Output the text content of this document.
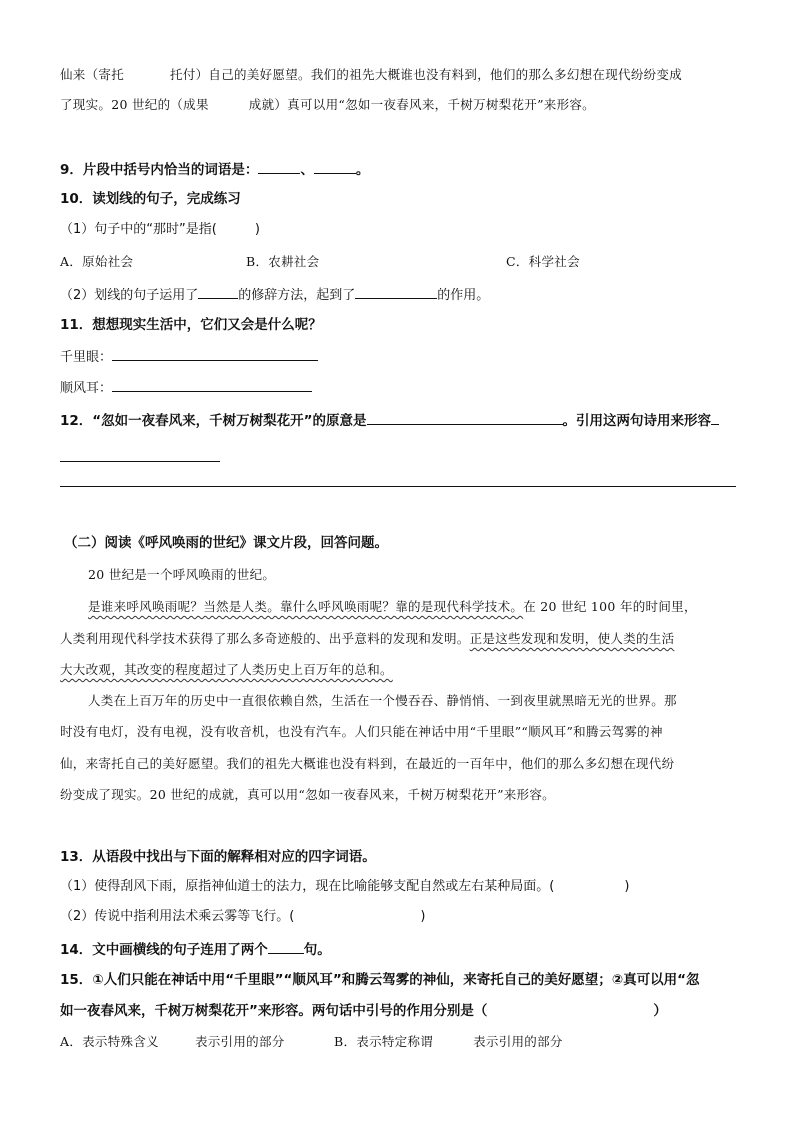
仙来（寄托	托付）自己的美好愿望。我们的祖先大概谁也没有料到，他们的那么多幻想在现代纷纷变成
了现实。20 世纪的（成果	成就）真可以用“忽如一夜春风来，千树万树梨花开”来形容。
9．片段中括号内恰当的词语是：	、	。
10．读划线的句子，完成练习
（1）句子中的“那时”是指(	)
A．原始社会	B．农耕社会	C．科学社会
（2）划线的句子运用了	的修辞方法，起到了	的作用。
11．想想现实生活中，它们又会是什么呢？
千里眼：
顺风耳：
12．“忽如一夜春风来，千树万树梨花开”的原意是	。引用这两句诗用来形容
（二）阅读《呼风唤雨的世纪》课文片段，回答问题。
20 世纪是一个呼风唤雨的世纪。
是谁来呼风唤雨呢？当然是人类。靠什么呼风唤雨呢？靠的是现代科学技术。在 20 世纪 100 年的时间里，
人类利用现代科学技术获得了那么多奇迹般的、出乎意料的发现和发明。正是这些发现和发明，使人类的生活
大大改观，其改变的程度超过了人类历史上百万年的总和。
人类在上百万年的历史中一直很依赖自然，生活在一个慢吞吞、静悄悄、一到夜里就黑暗无光的世界。那
时没有电灯，没有电视，没有收音机，也没有汽车。人们只能在神话中用“千里眼”“顺风耳”和腾云驾雾的神
仙，来寄托自己的美好愿望。我们的祖先大概谁也没有料到，在最近的一百年中，他们的那么多幻想在现代纷
纷变成了现实。20 世纪的成就，真可以用“忽如一夜春风来，千树万树梨花开”来形容。
13．从语段中找出与下面的解释相对应的四字词语。
（1）使得刮风下雨，原指神仙道士的法力，现在比喻能够支配自然或左右某种局面。(	)
（2）传说中指利用法术乘云雾等飞行。(	)
14．文中画横线的句子连用了两个	句。
15．①人们只能在神话中用“千里眼”“顺风耳”和腾云驾雾的神仙，来寄托自己的美好愿望；②真可以用“忽
如一夜春风来，千树万树梨花开”来形容。两句话中引号的作用分别是（	）
A．表示特殊含义	表示引用的部分	B．表示特定称谓	表示引用的部分
